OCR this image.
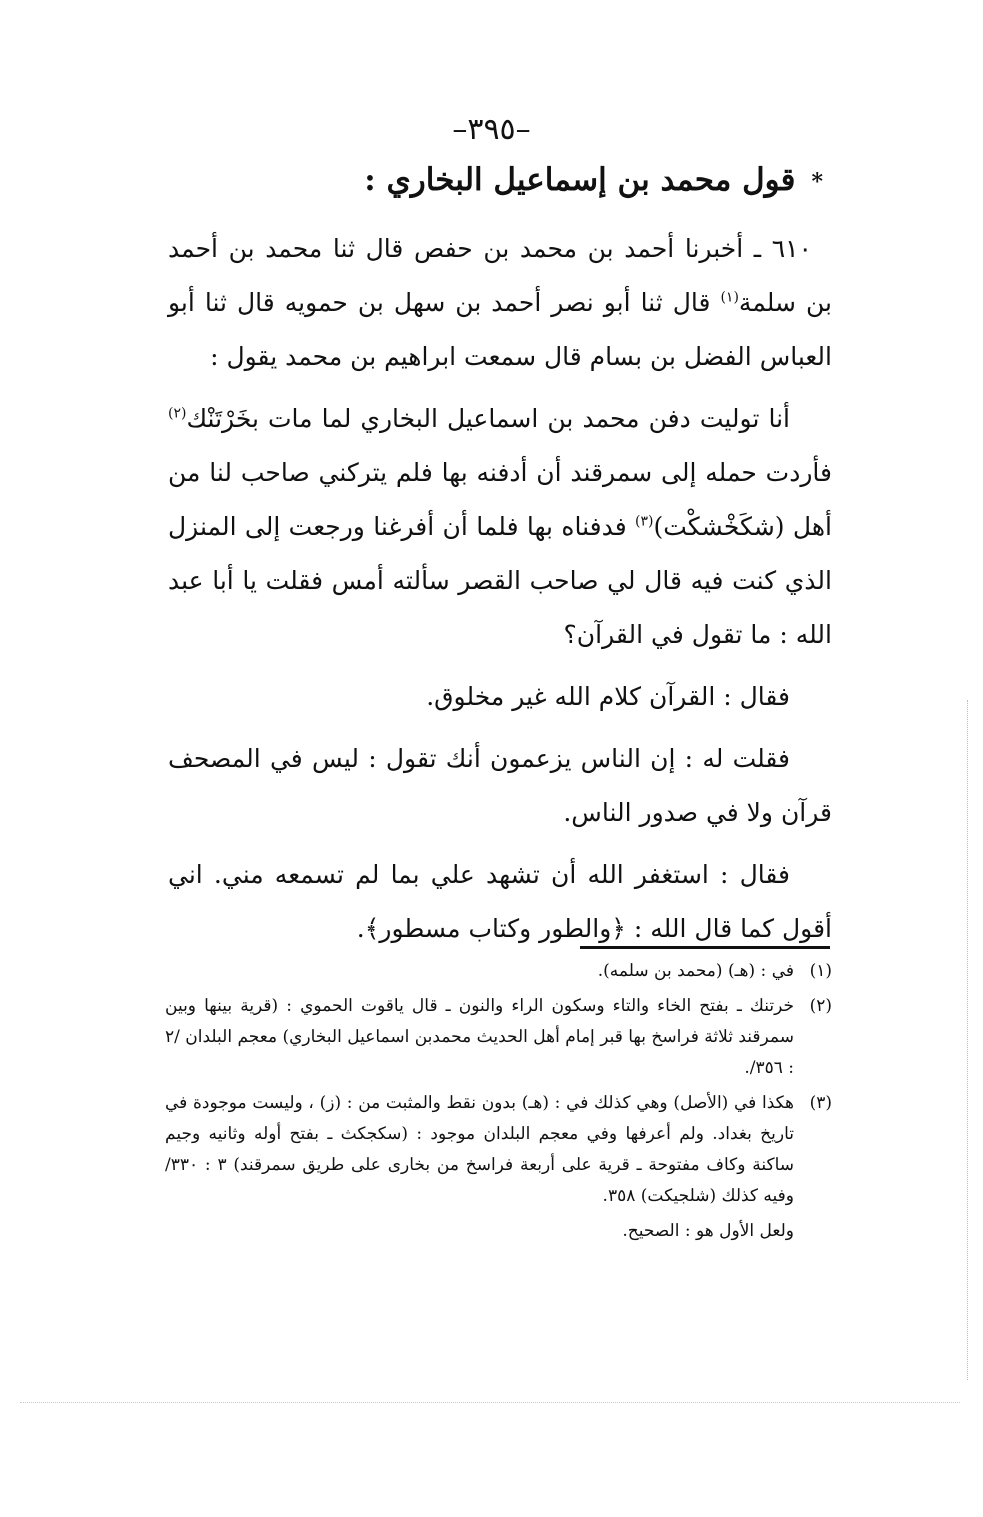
–٣٩٥–
*قول محمد بن إسماعيل البخاري :

٦١٠ ـ أخبرنا أحمد بن محمد بن حفص قال ثنا محمد بن أحمد بن سلمة$^{(١)}$ قال ثنا أبو نصر أحمد بن سهل بن حمويه قال ثنا أبو العباس الفضل بن بسام قال سمعت ابراهيم بن محمد يقول :

أنا توليت دفن محمد بن اسماعيل البخاري لما مات بخَرْتَنْك$^{(٢)}$ فأردت حمله إلى سمرقند أن أدفنه بها فلم يتركني صاحب لنا من أهل (شكَخْشكْت)$^{(٣)}$ فدفناه بها فلما أن أفرغنا ورجعت إلى المنزل الذي كنت فيه قال لي صاحب القصر سألته أمس فقلت يا أبا عبد الله : ما تقول في القرآن؟

فقال : القرآن كلام الله غير مخلوق.

فقلت له : إن الناس يزعمون أنك تقول : ليس في المصحف قرآن ولا في صدور الناس.

فقال : استغفر الله أن تشهد علي بما لم تسمعه مني. اني أقول كما قال الله : ﴿والطور وكتاب مسطور﴾.

(١)
في : (هـ) (محمد بن سلمه).
(٢)
خرتنك ـ بفتح الخاء والتاء وسكون الراء والنون ـ قال ياقوت الحموي : (قرية بينها وبين سمرقند ثلاثة فراسخ بها قبر إمام أهل الحديث محمدبن اسماعيل البخاري) معجم البلدان /٢ : ٣٥٦/.
(٣)
هكذا في (الأصل) وهي كذلك في : (هـ) بدون نقط والمثبت من : (ز) ، وليست موجودة في تاريخ بغداد. ولم أعرفها وفي معجم البلدان موجود : (سكجكث ـ بفتح أوله وثانيه وجيم ساكنة وكاف مفتوحة ـ قرية على أربعة فراسخ من بخارى على طريق سمرقند) ٣ : ٣٣٠/ وفيه كذلك (شلجيكت) ٣٥٨.
ولعل الأول هو : الصحيح.
